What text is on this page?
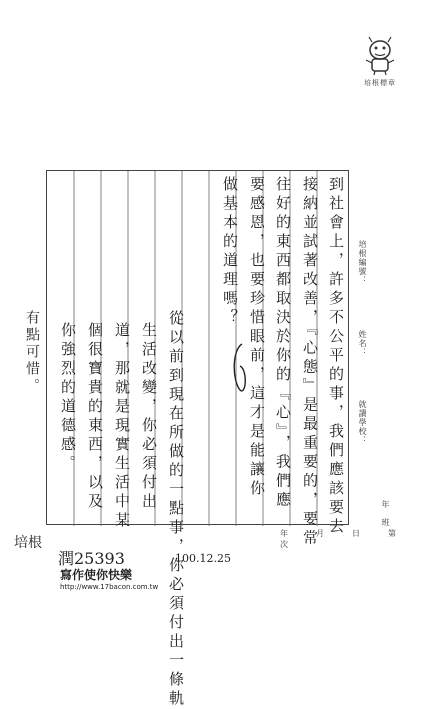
培根標章
培根編號：
姓名：
就讀學校：
年　班
年　月　日　第　次
到社會上，許多不公平的事，我們應該要去
接納並試著改善，『心態』是最重要的，要常
往好的東西都取決於你的『心』，我們應
要感恩，也要珍惜眼前，這才是能讓你
做基本的道理嗎？
從以前到現在所做的一點事，你必須付出一條軌
生活改變，你必須付出
道，那就是現實生活中某
個很寶貴的東西，以及
你強烈的道德感。
有點可惜。
培根
潤25393	100.12.25
寫作使你快樂
http://www.17bacon.com.tw
